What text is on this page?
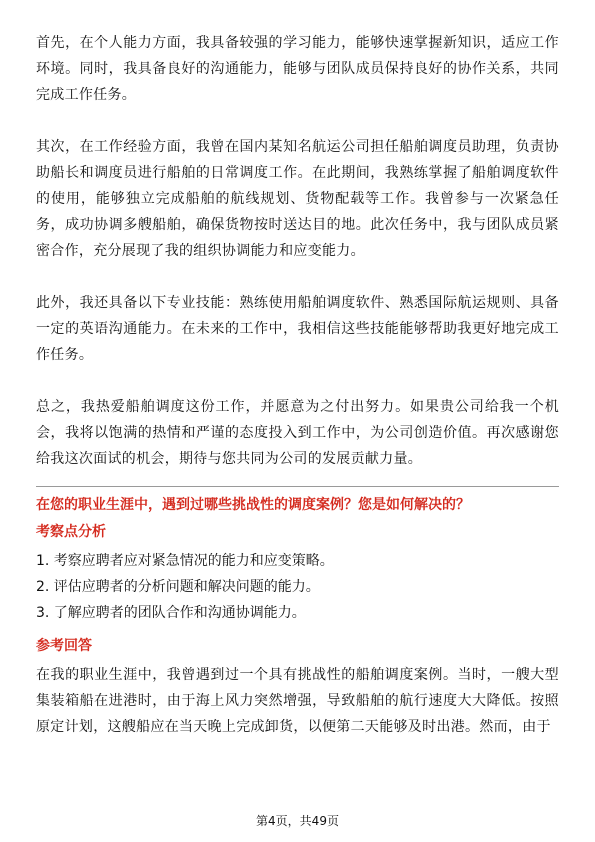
首先，在个人能力方面，我具备较强的学习能力，能够快速掌握新知识，适应工作环境。同时，我具备良好的沟通能力，能够与团队成员保持良好的协作关系，共同完成工作任务。

其次，在工作经验方面，我曾在国内某知名航运公司担任船舶调度员助理，负责协助船长和调度员进行船舶的日常调度工作。在此期间，我熟练掌握了船舶调度软件的使用，能够独立完成船舶的航线规划、货物配载等工作。我曾参与一次紧急任务，成功协调多艘船舶，确保货物按时送达目的地。此次任务中，我与团队成员紧密合作，充分展现了我的组织协调能力和应变能力。

此外，我还具备以下专业技能：熟练使用船舶调度软件、熟悉国际航运规则、具备一定的英语沟通能力。在未来的工作中，我相信这些技能能够帮助我更好地完成工作任务。

总之，我热爱船舶调度这份工作，并愿意为之付出努力。如果贵公司给我一个机会，我将以饱满的热情和严谨的态度投入到工作中，为公司创造价值。再次感谢您给我这次面试的机会，期待与您共同为公司的发展贡献力量。

在您的职业生涯中，遇到过哪些挑战性的调度案例？您是如何解决的？
考察点分析
1. 考察应聘者应对紧急情况的能力和应变策略。
2. 评估应聘者的分析问题和解决问题的能力。
3. 了解应聘者的团队合作和沟通协调能力。
参考回答

在我的职业生涯中，我曾遇到过一个具有挑战性的船舶调度案例。当时，一艘大型集装箱船在进港时，由于海上风力突然增强，导致船舶的航行速度大大降低。按照原定计划，这艘船应在当天晚上完成卸货，以便第二天能够及时出港。然而，由于

第4页，共49页
